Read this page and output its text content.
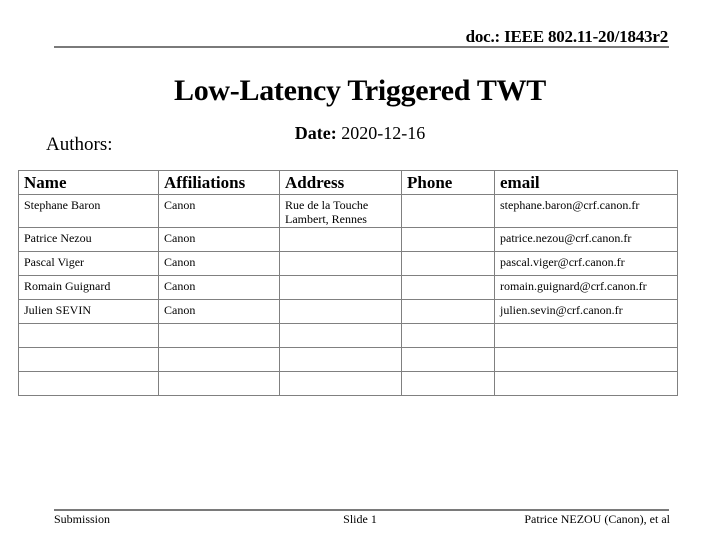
doc.: IEEE 802.11-20/1843r2
Low-Latency Triggered TWT
Date: 2020-12-16
Authors:
Name	Affiliations	Address	Phone	email
Stephane Baron	Canon	Rue de la Touche Lambert, Rennes		stephane.baron@crf.canon.fr
Patrice Nezou	Canon			patrice.nezou@crf.canon.fr
Pascal Viger	Canon			pascal.viger@crf.canon.fr
Romain Guignard	Canon			romain.guignard@crf.canon.fr
Julien SEVIN	Canon			julien.sevin@crf.canon.fr

Submission	Slide 1	Patrice NEZOU (Canon), et al
